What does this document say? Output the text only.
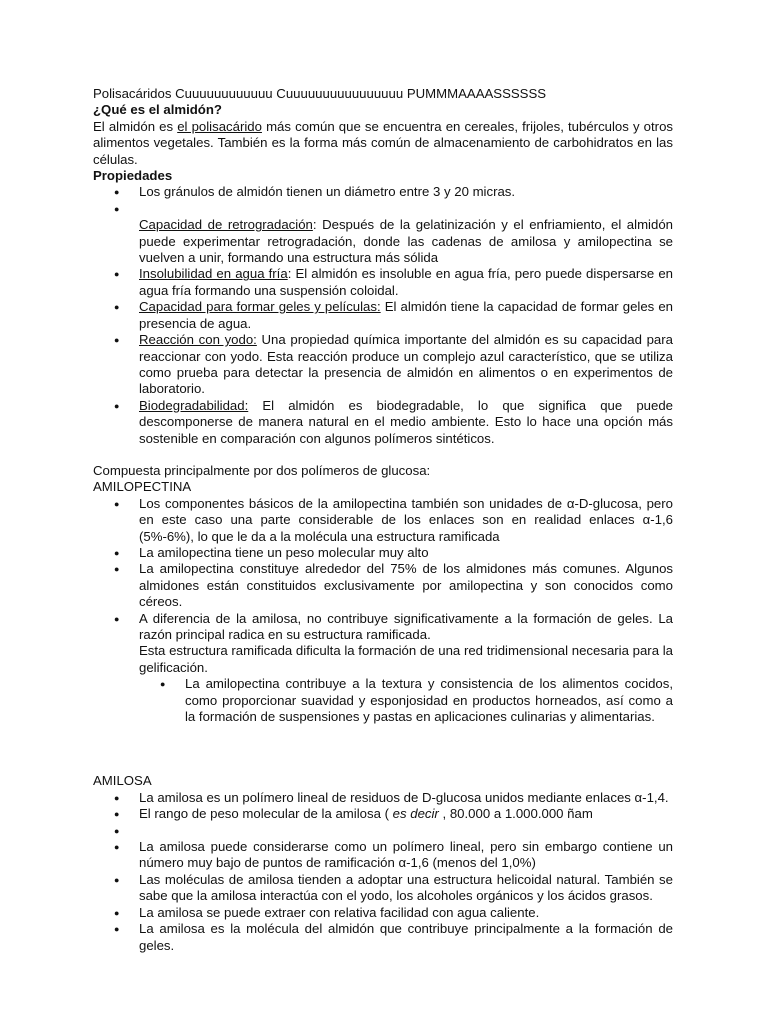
Polisacáridos Cuuuuuuuuuuuu Cuuuuuuuuuuuuuuuu PUMMMAAAASSSSSS

¿Qué es el almidón?

El almidón es el polisacárido más común que se encuentra en cereales, frijoles, tubérculos y otros alimentos vegetales. También es la forma más común de almacenamiento de carbohidratos en las células.

Propiedades

● Los gránulos de almidón tienen un diámetro entre 3 y 20 micras.
●
Capacidad de retrogradación: Después de la gelatinización y el enfriamiento, el almidón puede experimentar retrogradación, donde las cadenas de amilosa y amilopectina se vuelven a unir, formando una estructura más sólida
● Insolubilidad en agua fría: El almidón es insoluble en agua fría, pero puede dispersarse en agua fría formando una suspensión coloidal.
● Capacidad para formar geles y películas: El almidón tiene la capacidad de formar geles en presencia de agua.
● Reacción con yodo: Una propiedad química importante del almidón es su capacidad para reaccionar con yodo. Esta reacción produce un complejo azul característico, que se utiliza como prueba para detectar la presencia de almidón en alimentos o en experimentos de laboratorio.
● Biodegradabilidad: El almidón es biodegradable, lo que significa que puede descomponerse de manera natural en el medio ambiente. Esto lo hace una opción más sostenible en comparación con algunos polímeros sintéticos.

Compuesta principalmente por dos polímeros de glucosa:

AMILOPECTINA

● Los componentes básicos de la amilopectina también son unidades de α-D-glucosa, pero en este caso una parte considerable de los enlaces son en realidad enlaces α-1,6 (5%-6%), lo que le da a la molécula una estructura ramificada
● La amilopectina tiene un peso molecular muy alto
● La amilopectina constituye alrededor del 75% de los almidones más comunes. Algunos almidones están constituidos exclusivamente por amilopectina y son conocidos como céreos.
● A diferencia de la amilosa, no contribuye significativamente a la formación de geles. La razón principal radica en su estructura ramificada.

Esta estructura ramificada dificulta la formación de una red tridimensional necesaria para la gelificación.

● La amilopectina contribuye a la textura y consistencia de los alimentos cocidos, como proporcionar suavidad y esponjosidad en productos horneados, así como a la formación de suspensiones y pastas en aplicaciones culinarias y alimentarias.

AMILOSA

● La amilosa es un polímero lineal de residuos de D-glucosa unidos mediante enlaces α-1,4.
● El rango de peso molecular de la amilosa ( es decir , 80.000 a 1.000.000 ñam
●
● La amilosa puede considerarse como un polímero lineal, pero sin embargo contiene un número muy bajo de puntos de ramificación α-1,6 (menos del 1,0%)
● Las moléculas de amilosa tienden a adoptar una estructura helicoidal natural. También se sabe que la amilosa interactúa con el yodo, los alcoholes orgánicos y los ácidos grasos.
● La amilosa se puede extraer con relativa facilidad con agua caliente.
● La amilosa es la molécula del almidón que contribuye principalmente a la formación de geles.
